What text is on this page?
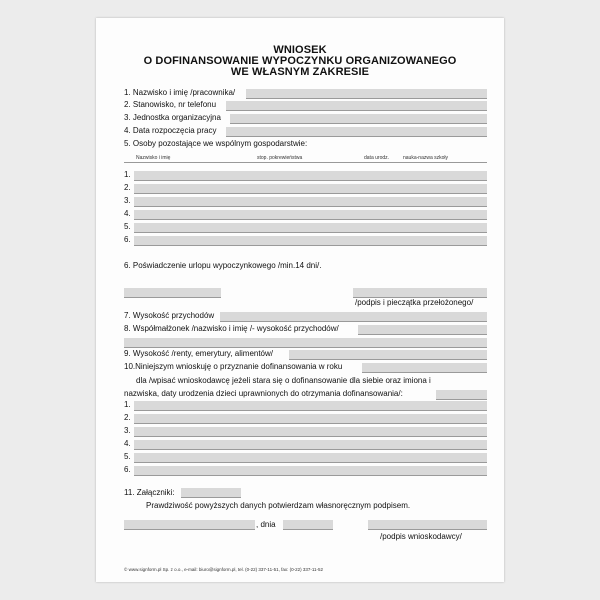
WNIOSEK
O DOFINANSOWANIE WYPOCZYNKU ORGANIZOWANEGO
WE WŁASNYM ZAKRESIE
1. Nazwisko i imię /pracownika/
2. Stanowisko, nr telefonu
3. Jednostka organizacyjna
4. Data rozpoczęcia pracy
5. Osoby pozostające we wspólnym gospodarstwie:
Nazwisko i imię	stop. pokrewieństwa	data urodz.	nauka-nazwa szkoły
1.
2.
3.
4.
5.
6.
6. Poświadczenie urlopu wypoczynkowego /min.14 dni/.
/podpis i pieczątka przełożonego/
7. Wysokość przychodów
8. Współmałżonek /nazwisko i imię /- wysokość przychodów/
9. Wysokość /renty, emerytury, alimentów/
10.Niniejszym wnioskuję o przyznanie dofinansowania w roku
dla /wpisać wnioskodawcę jeżeli stara się o dofinansowanie dla siebie oraz imiona i
nazwiska, daty urodzenia dzieci uprawnionych do otrzymania dofinansowania/:
1.
2.
3.
4.
5.
6.
11. Załączniki:
Prawdziwość powyższych danych potwierdzam własnoręcznym podpisem.
, dnia
/podpis wnioskodawcy/
© www.signform.pl Sp. z o.o., e-mail: biuro@signform.pl, tel. (0-22) 337-11-51, fax: (0-22) 337-11-52
